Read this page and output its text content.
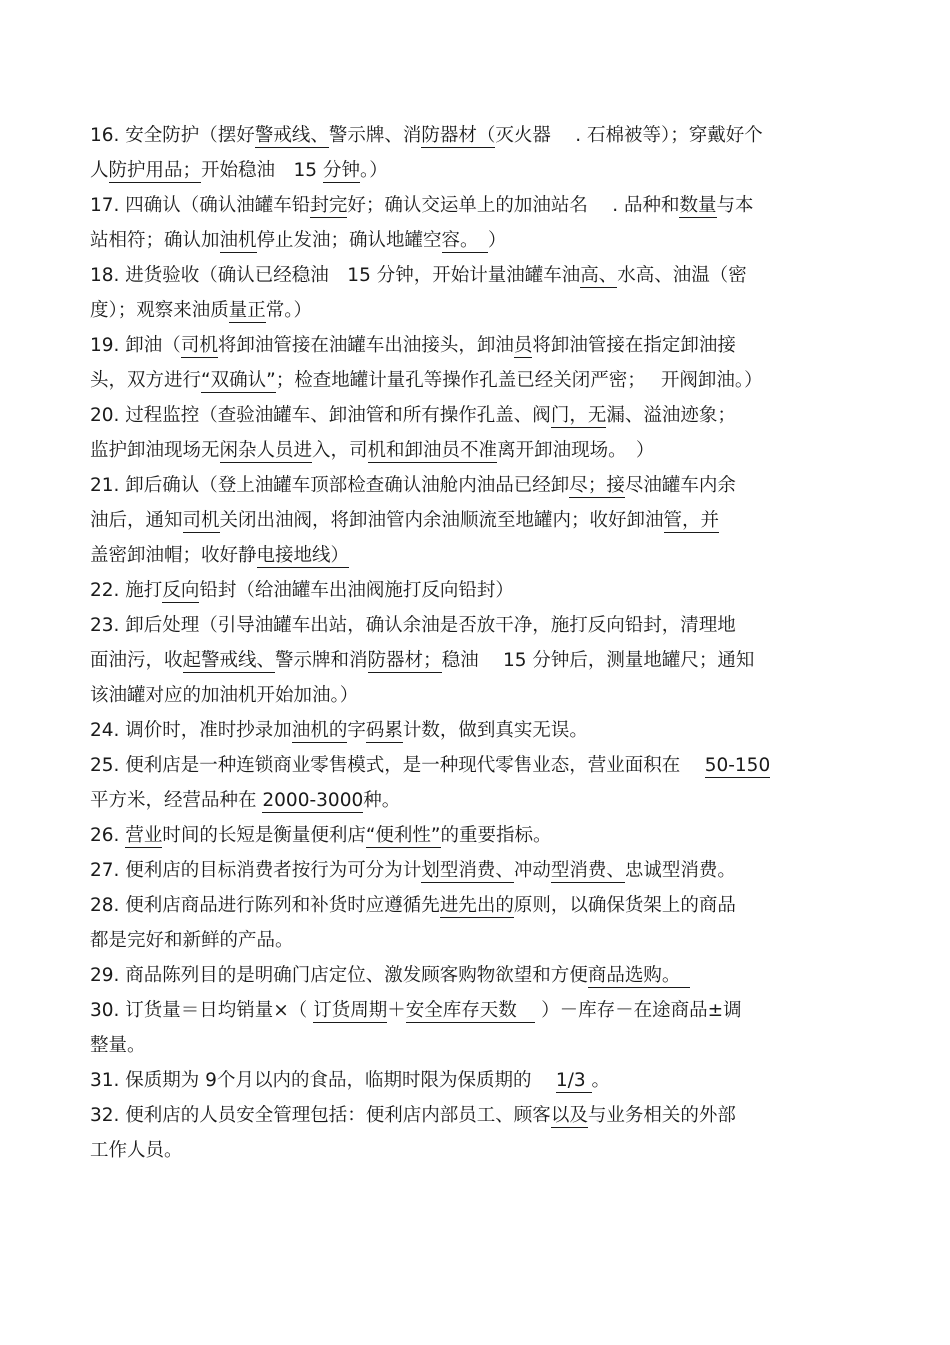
16. 安全防护（摆好警戒线、警示牌、消防器材（灭火器　 . 石棉被等）；穿戴好个
人防护用品；开始稳油　15 分钟。）
17. 四确认（确认油罐车铅封完好；确认交运单上的加油站名　 . 品种和数量与本
站相符；确认加油机停止发油；确认地罐空容。　）
18. 进货验收（确认已经稳油　15 分钟，开始计量油罐车油高、水高、油温（密
度）；观察来油质量正常。）
19. 卸油（司机将卸油管接在油罐车出油接头，卸油员将卸油管接在指定卸油接
头，双方进行“双确认”；检查地罐计量孔等操作孔盖已经关闭严密；　 开阀卸油。）
20. 过程监控（查验油罐车、卸油管和所有操作孔盖、阀门，无漏、溢油迹象；
监护卸油现场无闲杂人员进入，司机和卸油员不准离开卸油现场。　）
21. 卸后确认（登上油罐车顶部检查确认油舱内油品已经卸尽；接尽油罐车内余
油后，通知司机关闭出油阀，将卸油管内余油顺流至地罐内；收好卸油管，并
盖密卸油帽；收好静电接地线）
22. 施打反向铅封（给油罐车出油阀施打反向铅封）
23. 卸后处理（引导油罐车出站，确认余油是否放干净，施打反向铅封，清理地
面油污，收起警戒线、警示牌和消防器材；稳油　 15 分钟后，测量地罐尺；通知
该油罐对应的加油机开始加油。）
24. 调价时，准时抄录加油机的字码累计数，做到真实无误。
25. 便利店是一种连锁商业零售模式，是一种现代零售业态，营业面积在　 50-150
平方米，经营品种在 2000-3000种。
26. 营业时间的长短是衡量便利店“便利性”的重要指标。
27. 便利店的目标消费者按行为可分为计划型消费、冲动型消费、忠诚型消费。
28. 便利店商品进行陈列和补货时应遵循先进先出的原则，以确保货架上的商品
都是完好和新鲜的产品。
29. 商品陈列目的是明确门店定位、激发顾客购物欲望和方便商品选购。　
30. 订货量＝日均销量×（ 订货周期＋安全库存天数　 ）－库存－在途商品±调
整量。
31. 保质期为 9个月以内的食品，临期时限为保质期的　 1/3 。
32. 便利店的人员安全管理包括：便利店内部员工、顾客以及与业务相关的外部
工作人员。
